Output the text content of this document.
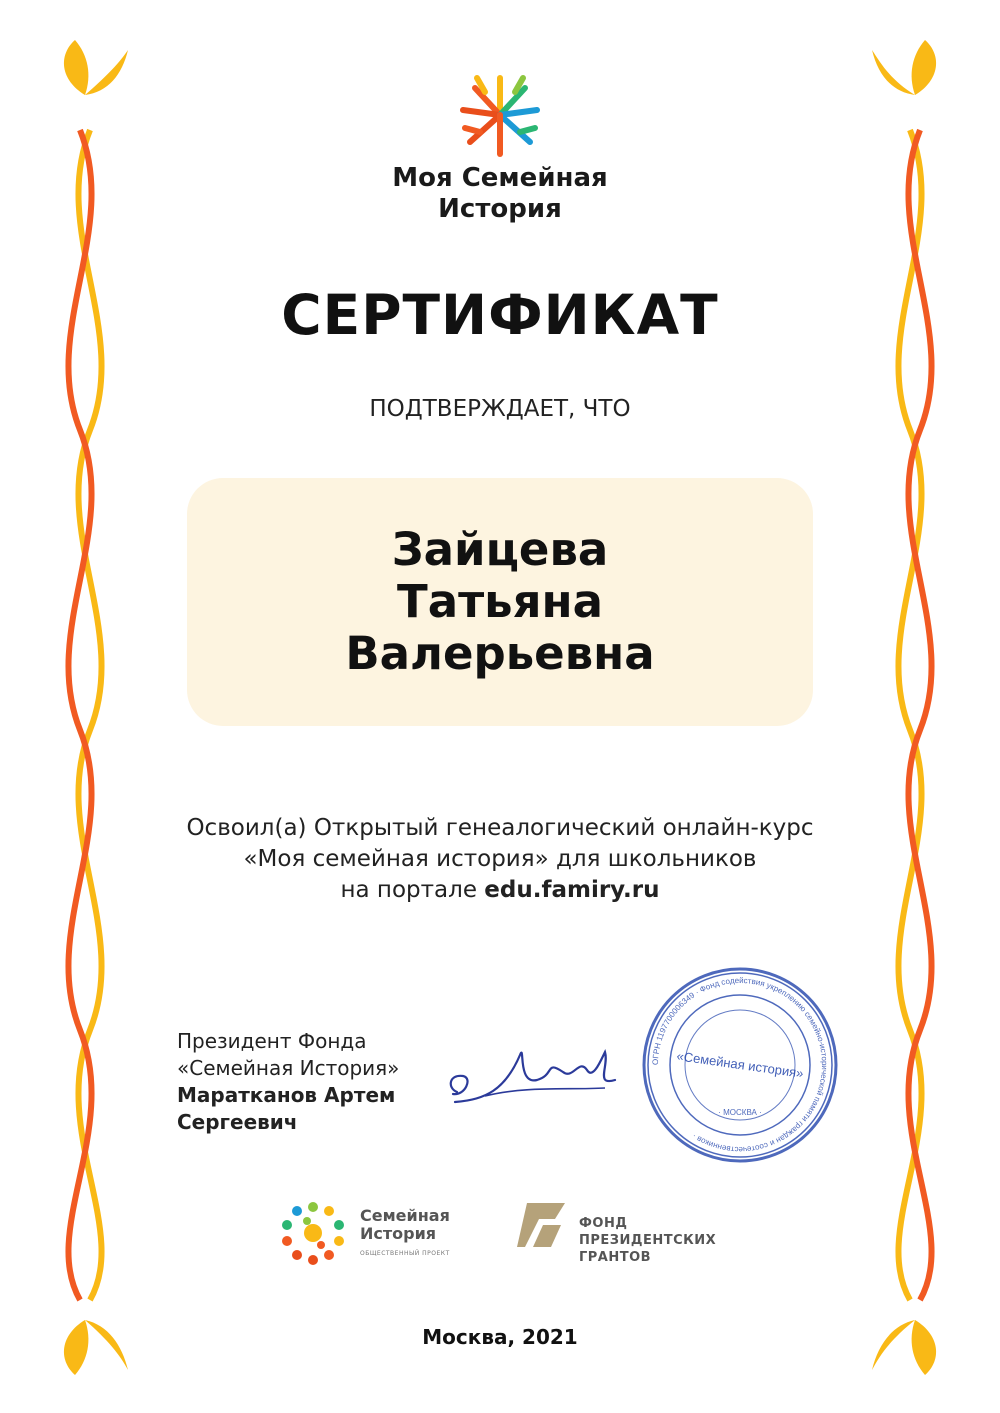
Моя Семейная
История
СЕРТИФИКАТ
ПОДТВЕРЖДАЕТ, ЧТО
Зайцева
Татьяна
Валерьевна
Освоил(а) Открытый генеалогический онлайн-курс
«Моя семейная история» для школьников
на портале edu.famiry.ru
Президент Фонда
«Семейная История»
Маратканов Артем
Сергеевич
ОГРН 1197700006349 · Фонд содействия укреплению семейно-исторической памяти граждан и соотечественников ·
«Семейная история»
· МОСКВА ·
Семейная
История
ОБЩЕСТВЕННЫЙ ПРОЕКТ
ФОНД
ПРЕЗИДЕНТСКИХ
ГРАНТОВ
Москва, 2021
